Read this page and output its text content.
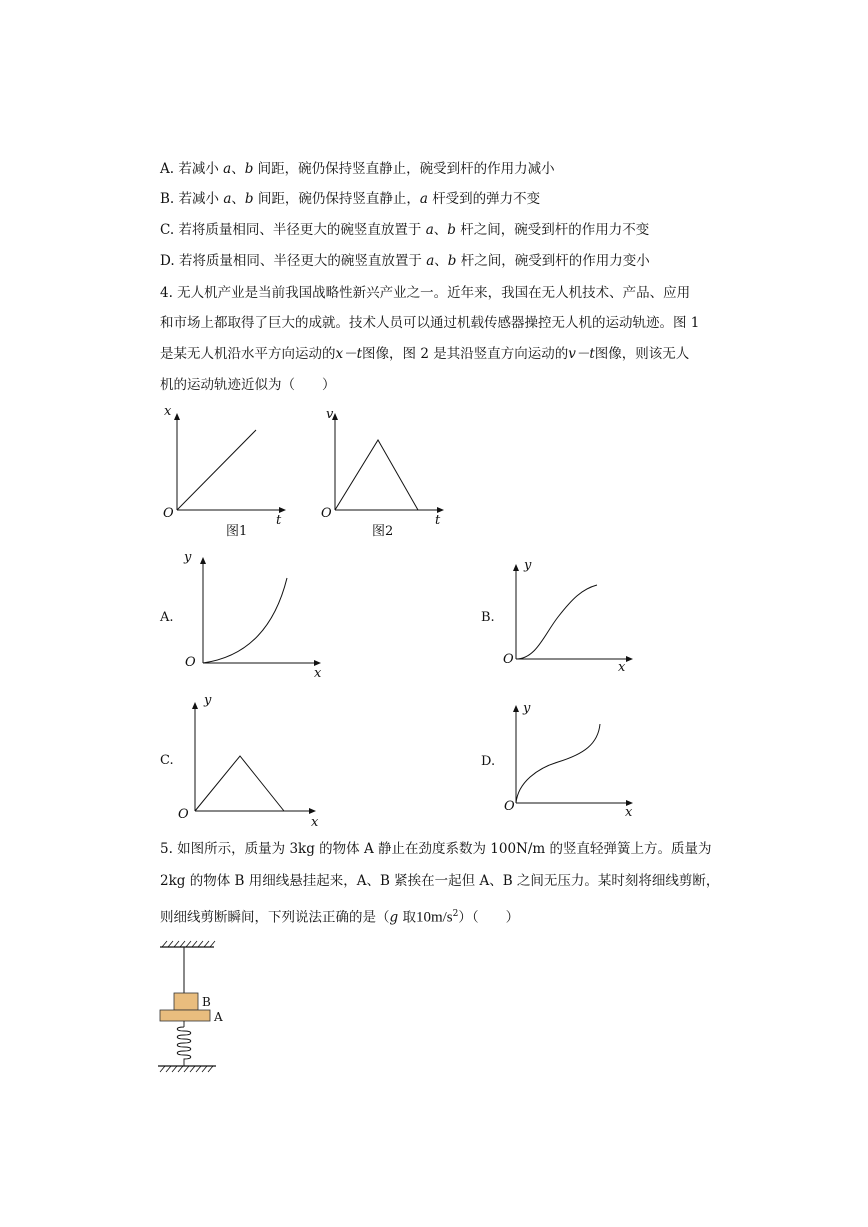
A. 若减小 a、b 间距，碗仍保持竖直静止，碗受到杆的作用力减小
B. 若减小 a、b 间距，碗仍保持竖直静止，a 杆受到的弹力不变
C. 若将质量相同、半径更大的碗竖直放置于 a、b 杆之间，碗受到杆的作用力不变
D. 若将质量相同、半径更大的碗竖直放置于 a、b 杆之间，碗受到杆的作用力变小
4. 无人机产业是当前我国战略性新兴产业之一。近年来，我国在无人机技术、产品、应用
和市场上都取得了巨大的成就。技术人员可以通过机载传感器操控无人机的运动轨迹。图 1
是某无人机沿水平方向运动的x－t图像，图 2 是其沿竖直方向运动的v－t图像，则该无人
机的运动轨迹近似为（　　）
x
t
O
图1
v
t
O
图2
A.
y
x
O
B.
y
x
O
C.
y
x
O
D.
y
x
O
5. 如图所示，质量为 3kg 的物体 A 静止在劲度系数为 100N/m 的竖直轻弹簧上方。质量为
2kg 的物体 B 用细线悬挂起来，A、B 紧挨在一起但 A、B 之间无压力。某时刻将细线剪断，
则细线剪断瞬间，下列说法正确的是（g 取$10m/s^2$）（　　）
B
A
